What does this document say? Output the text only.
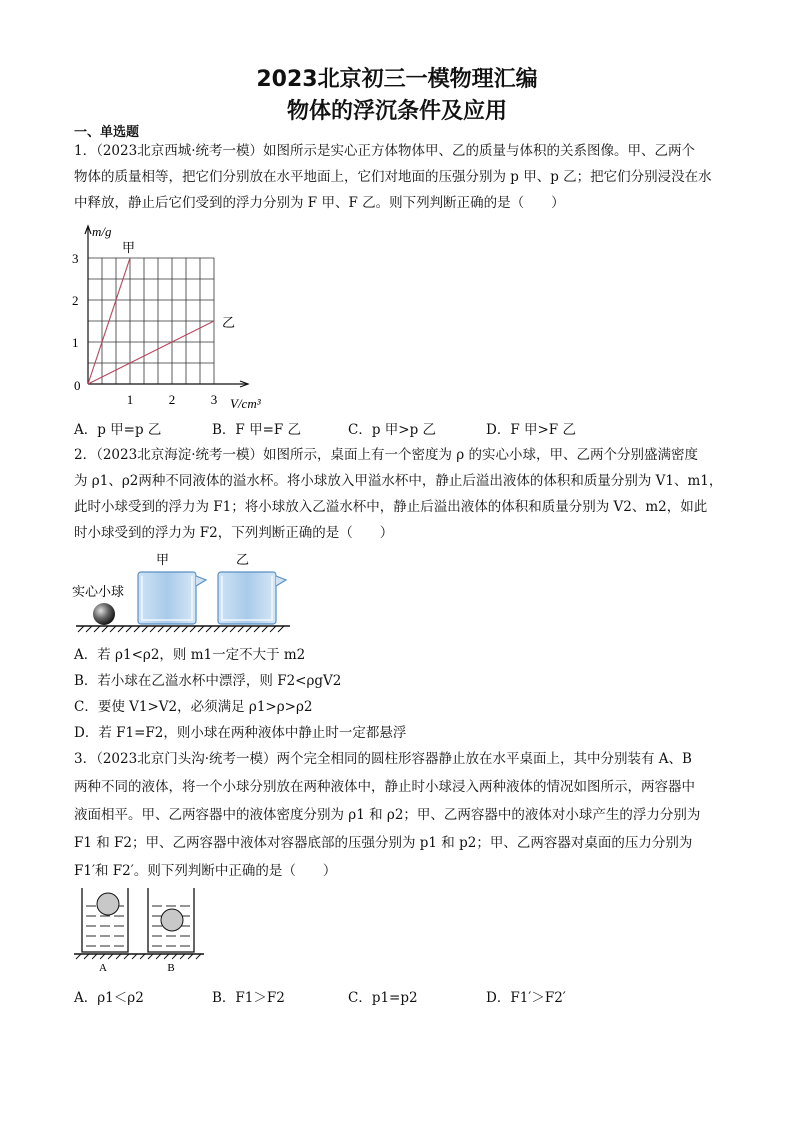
2023北京初三一模物理汇编
物体的浮沉条件及应用
一、单选题
1．（2023北京西城·统考一模）如图所示是实心正方体物体甲、乙的质量与体积的关系图像。甲、乙两个
物体的质量相等，把它们分别放在水平地面上，它们对地面的压强分别为 p 甲、p 乙；把它们分别浸没在水
中释放，静止后它们受到的浮力分别为 F 甲、F 乙。则下列判断正确的是（　　）
m/g
V/cm³
0
1	2	3
1
2
3
甲
乙
A．p 甲=p 乙	B．F 甲=F 乙	C．p 甲>p 乙	D．F 甲>F 乙
2．（2023北京海淀·统考一模）如图所示，桌面上有一个密度为 ρ 的实心小球，甲、乙两个分别盛满密度
为 ρ1、ρ2两种不同液体的溢水杯。将小球放入甲溢水杯中，静止后溢出液体的体积和质量分别为 V1、m1，
此时小球受到的浮力为 F1；将小球放入乙溢水杯中，静止后溢出液体的体积和质量分别为 V2、m2，如此
时小球受到的浮力为 F2，下列判断正确的是（　　）
实心小球
甲	乙
A．若 ρ1<ρ2，则 m1一定不大于 m2
B．若小球在乙溢水杯中漂浮，则 F2<ρgV2
C．要使 V1>V2，必须满足 ρ1>ρ>ρ2
D．若 F1=F2，则小球在两种液体中静止时一定都悬浮
3．（2023北京门头沟·统考一模）两个完全相同的圆柱形容器静止放在水平桌面上，其中分别装有 A、B
两种不同的液体，将一个小球分别放在两种液体中，静止时小球浸入两种液体的情况如图所示，两容器中
液面相平。甲、乙两容器中的液体密度分别为 ρ1 和 ρ2；甲、乙两容器中的液体对小球产生的浮力分别为
F1 和 F2；甲、乙两容器中液体对容器底部的压强分别为 p1 和 p2；甲、乙两容器对桌面的压力分别为
F1′和 F2′。则下列判断中正确的是（　　）
A	B
A．ρ1＜ρ2	B．F1＞F2	C．p1=p2	D．F1′＞F2′
